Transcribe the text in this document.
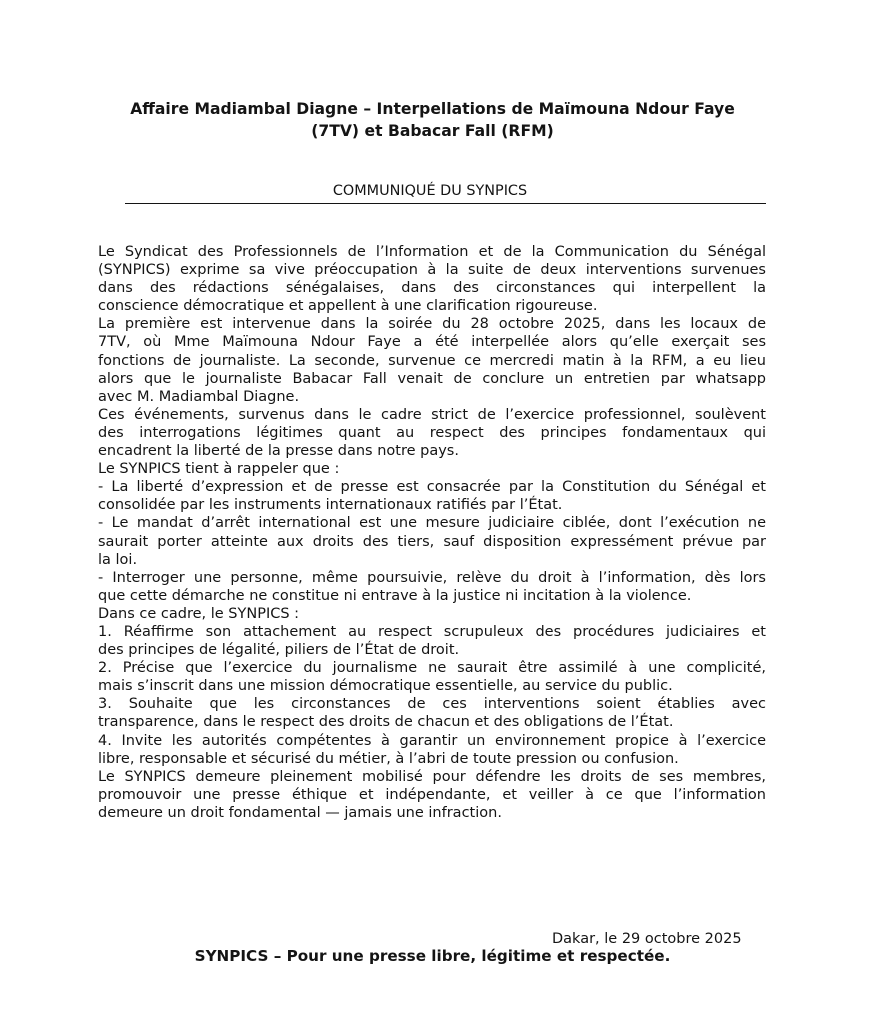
Affaire Madiambal Diagne – Interpellations de Maïmouna Ndour Faye
(7TV) et Babacar Fall (RFM)
COMMUNIQUÉ DU SYNPICS
Le Syndicat des Professionnels de l’Information et de la Communication du Sénégal
(SYNPICS) exprime sa vive préoccupation à la suite de deux interventions survenues
dans des rédactions sénégalaises, dans des circonstances qui interpellent la
conscience démocratique et appellent à une clarification rigoureuse.
La première est intervenue dans la soirée du 28 octobre 2025, dans les locaux de
7TV, où Mme Maïmouna Ndour Faye a été interpellée alors qu’elle exerçait ses
fonctions de journaliste. La seconde, survenue ce mercredi matin à la RFM, a eu lieu
alors que le journaliste Babacar Fall venait de conclure un entretien par whatsapp
avec M. Madiambal Diagne.
Ces événements, survenus dans le cadre strict de l’exercice professionnel, soulèvent
des interrogations légitimes quant au respect des principes fondamentaux qui
encadrent la liberté de la presse dans notre pays.
Le SYNPICS tient à rappeler que :
- La liberté d’expression et de presse est consacrée par la Constitution du Sénégal et
consolidée par les instruments internationaux ratifiés par l’État.
- Le mandat d’arrêt international est une mesure judiciaire ciblée, dont l’exécution ne
saurait porter atteinte aux droits des tiers, sauf disposition expressément prévue par
la loi.
- Interroger une personne, même poursuivie, relève du droit à l’information, dès lors
que cette démarche ne constitue ni entrave à la justice ni incitation à la violence.
Dans ce cadre, le SYNPICS :
1. Réaffirme son attachement au respect scrupuleux des procédures judiciaires et
des principes de légalité, piliers de l’État de droit.
2. Précise que l’exercice du journalisme ne saurait être assimilé à une complicité,
mais s’inscrit dans une mission démocratique essentielle, au service du public.
3. Souhaite que les circonstances de ces interventions soient établies avec
transparence, dans le respect des droits de chacun et des obligations de l’État.
4. Invite les autorités compétentes à garantir un environnement propice à l’exercice
libre, responsable et sécurisé du métier, à l’abri de toute pression ou confusion.
Le SYNPICS demeure pleinement mobilisé pour défendre les droits de ses membres,
promouvoir une presse éthique et indépendante, et veiller à ce que l’information
demeure un droit fondamental — jamais une infraction.
Dakar, le 29 octobre 2025
SYNPICS – Pour une presse libre, légitime et respectée.
